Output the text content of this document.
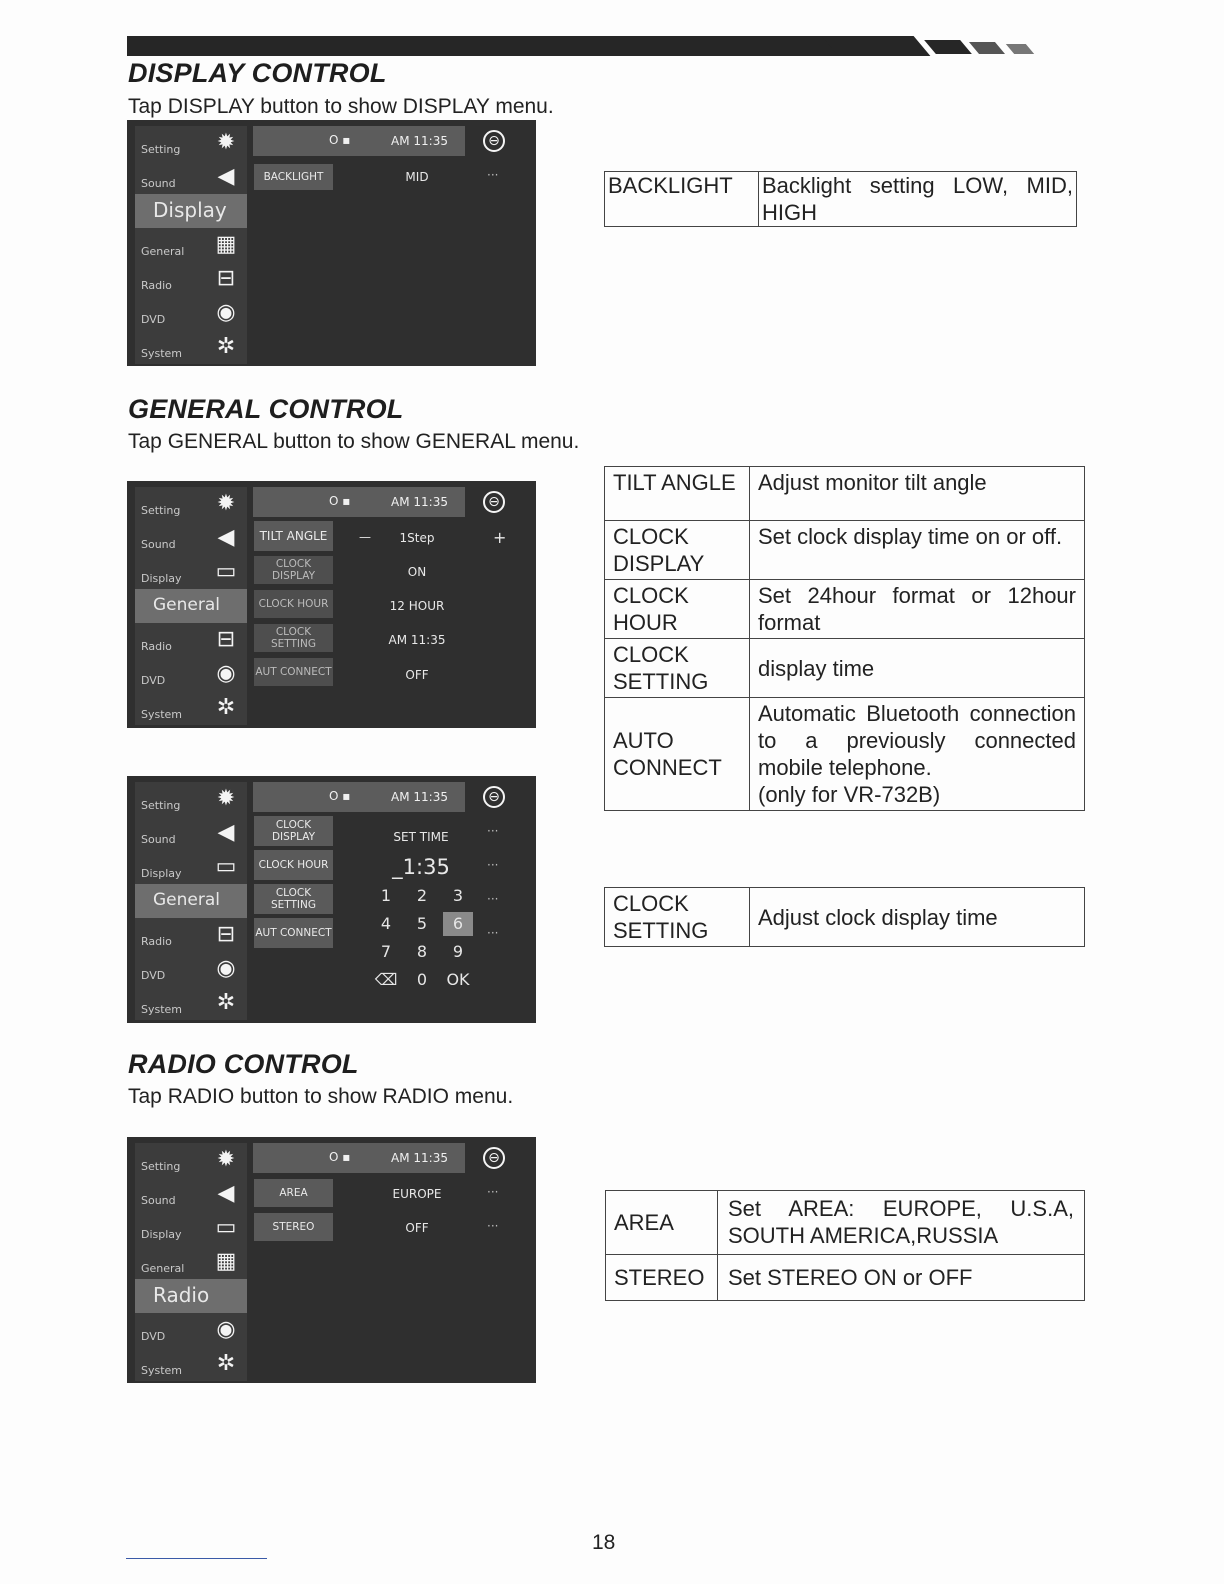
DISPLAY CONTROL
Tap DISPLAY button to show DISPLAY menu.
Setting ✹
Sound ◀
Display
General ▦
Radio ⊟
DVD ◉
System ✲
O ▪	AM 11:35	⊖
BACKLIGHT	MID	···	BACKLIGHT	Backlight setting LOW, MID, HIGH
GENERAL CONTROL
Tap GENERAL button to show GENERAL menu.
Setting ✹
Sound ◀
Display ▭
General
Radio ⊟
DVD ◉
System ✲
O ▪	AM 11:35	⊖
TILT ANGLE	—	1Step	+
CLOCK DISPLAY	ON
CLOCK HOUR	12 HOUR
CLOCK SETTING	AM 11:35
AUT CONNECT	OFF
TILT ANGLE	Adjust monitor tilt angle
CLOCK DISPLAY	Set clock display time on or off.
CLOCK HOUR	Set 24hour format or 12hour format
CLOCK SETTING	display time
AUTO CONNECT	Automatic Bluetooth connection to a previously connected mobile telephone.
(only for VR-732B)
Setting ✹
Sound ◀
Display ▭
General
Radio ⊟
DVD ◉
System ✲
O ▪	AM 11:35	⊖
CLOCK DISPLAY
CLOCK HOUR
CLOCK SETTING
AUT CONNECT
SET TIME
_1:35
···
···
···
···
1	2	3
4	5	6
7	8	9
⌫	0	OK
CLOCK SETTING	Adjust clock display time
RADIO CONTROL
Tap RADIO button to show RADIO menu.
Setting ✹
Sound ◀
Display ▭
General ▦
Radio
DVD ◉
System ✲
O ▪	AM 11:35	⊖
AREA	EUROPE	···
STEREO	OFF	···	AREA	Set AREA: EUROPE, U.S.A, SOUTH AMERICA,RUSSIA
STEREO	Set STEREO ON or OFF
18
